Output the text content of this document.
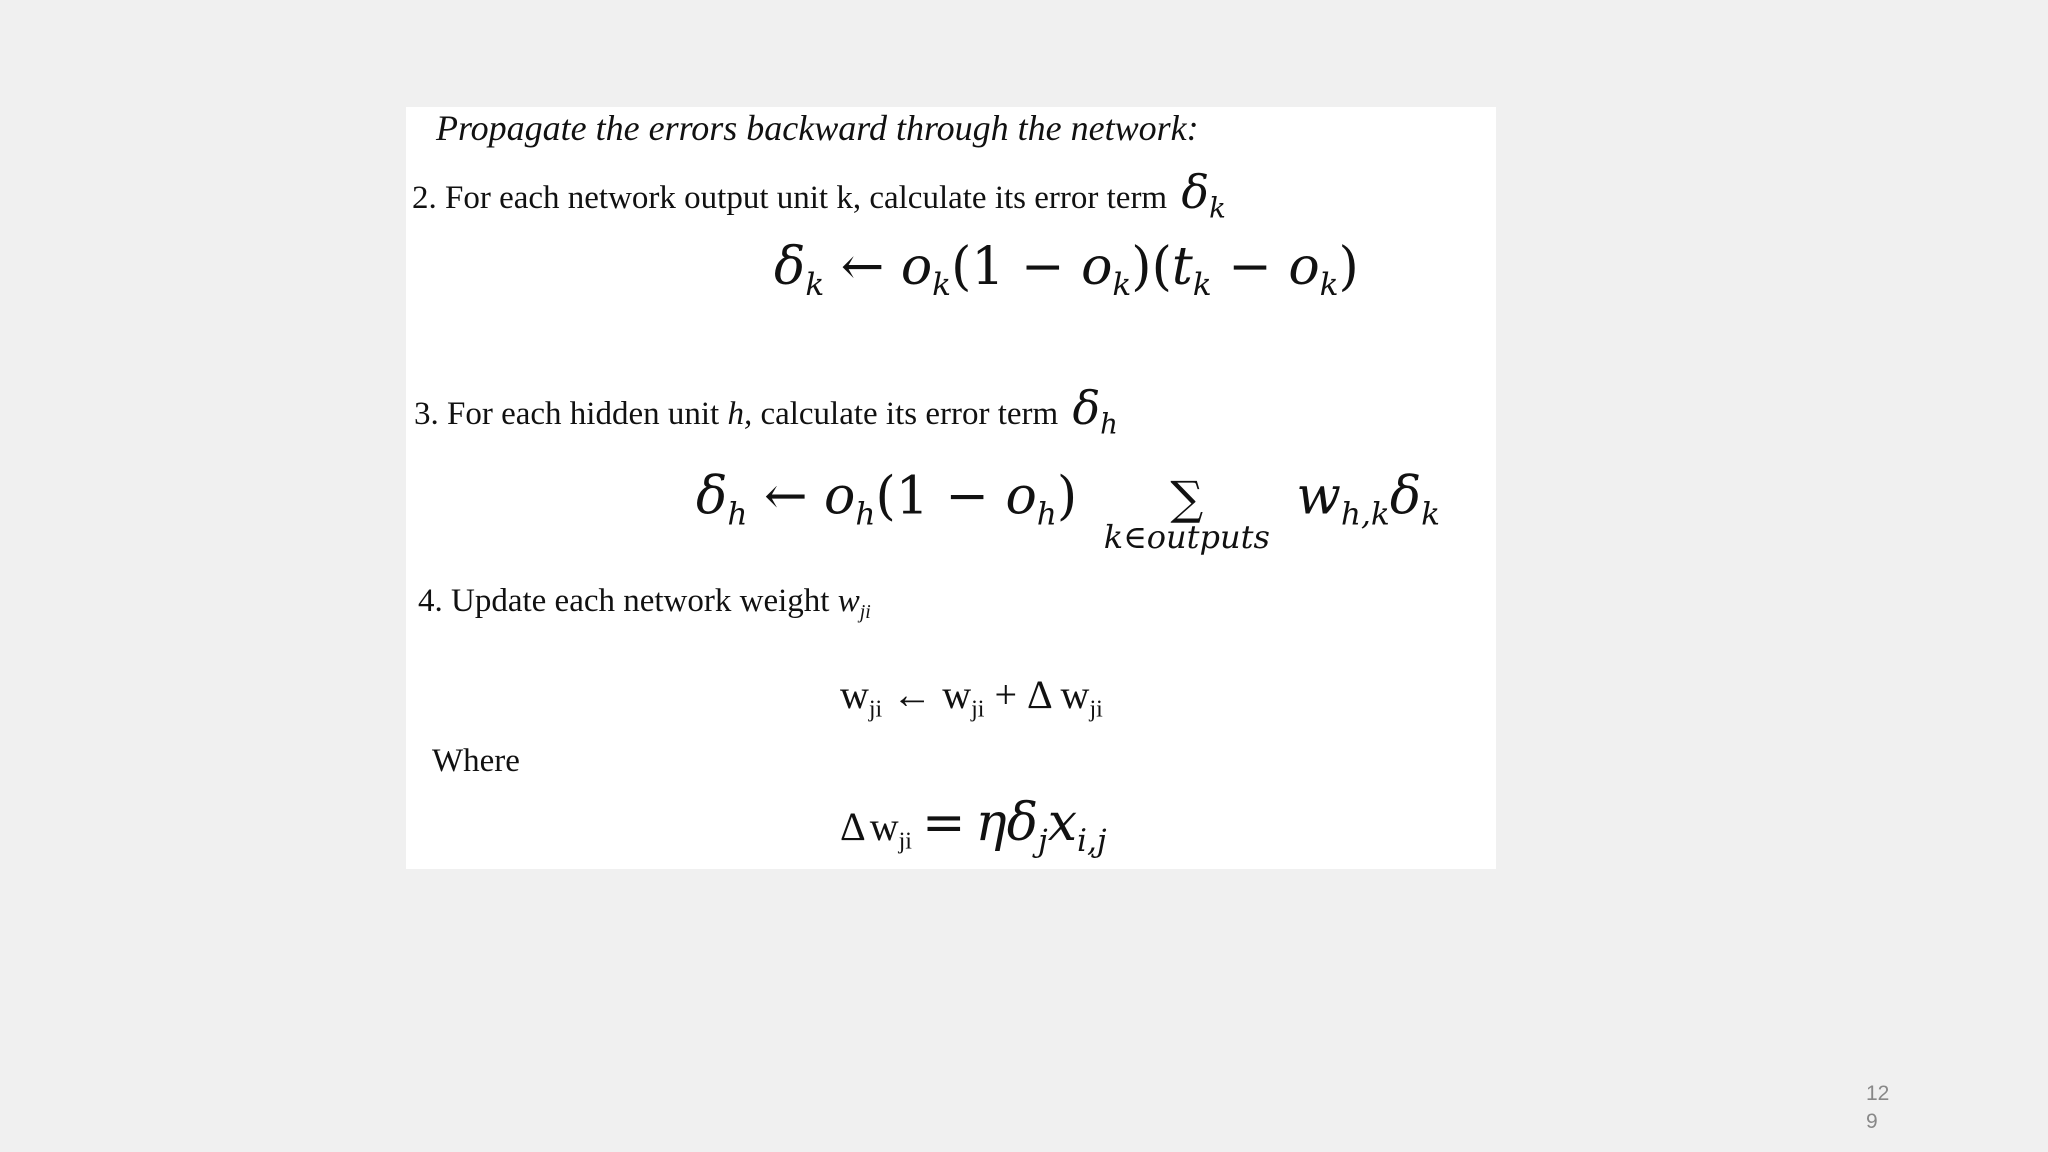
Propagate the errors backward through the network:
2. For each network output unit k, calculate its error term $\delta_k$
$\delta_k$ ← $o_k(1 - o_k)(t_k - o_k)$
3. For each hidden unit h, calculate its error term $\delta_h$
$\delta_h$ ← $o_h(1 - o_h)$	∑
k∈outputs
$w_{h,k}\delta_k$
4. Update each network weight $w_{ji}$
$w_{ji}$ ← $w_{ji} + \Delta$ $w_{ji}$
Where
Δ $w_{ji} = \eta\delta_jx_{i,j}$
129
